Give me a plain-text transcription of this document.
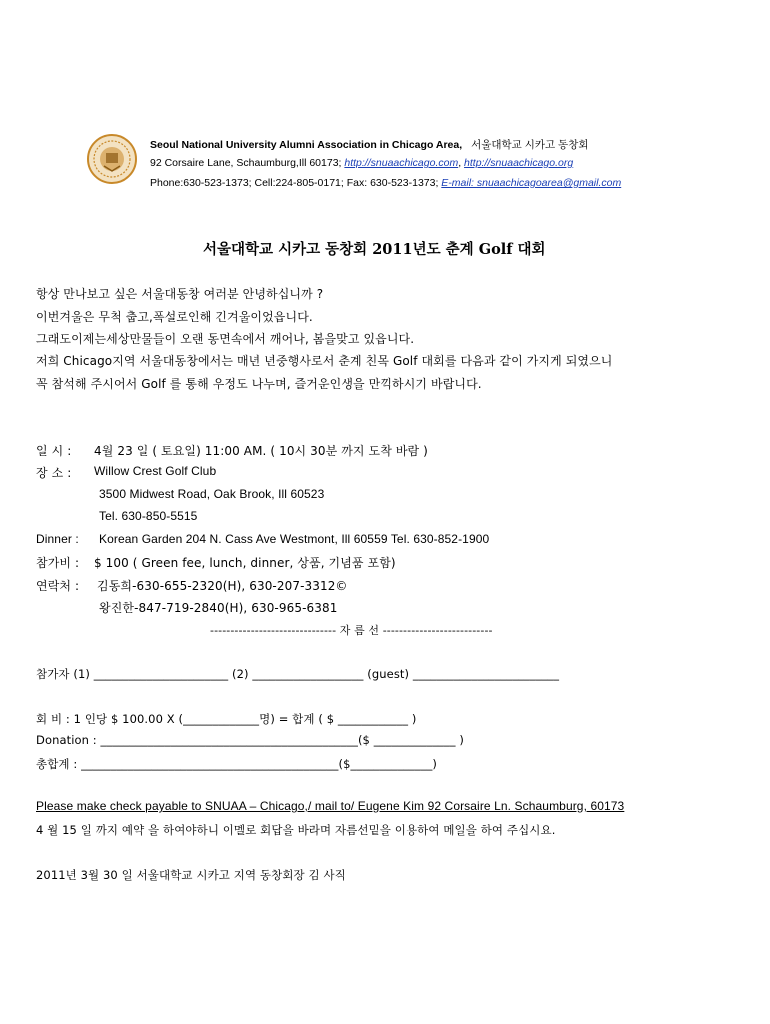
Seoul National University Alumni Association in Chicago Area, 서울대학교 시카고 동창회
92 Corsaire Lane, Schaumburg,Ill 60173; http://snuaachicago.com, http://snuaachicago.org
Phone:630-523-1373; Cell:224-805-0171; Fax: 630-523-1373; E-mail: snuaachicagoarea@gmail.com
서울대학교 시카고 동창회 2011년도 춘계 Golf 대회
항상 만나보고 싶은 서울대동창 여러분 안녕하십니까 ?
이번겨울은 무척 춥고,폭설로인해 긴겨울이었읍니다.
그래도이제는세상만물들이 오랜 동면속에서 깨어나, 봄을맞고 있읍니다.
저희 Chicago지역 서울대동창에서는 매년 년중행사로서 춘계 친목 Golf 대회를 다음과 같이 가지게 되였으니
꼭 참석해 주시어서 Golf 를 통해 우정도 나누며, 즐거운인생을 만끽하시기 바랍니다.
일 시 : 4월 23 일 ( 토요일) 11:00 AM. ( 10시 30분 까지 도착 바람 )
장 소 : Willow Crest Golf Club
3500 Midwest Road, Oak Brook, Ill 60523
Tel. 630-850-5515
Dinner : Korean Garden 204 N. Cass Ave Westmont, Ill 60559 Tel. 630-852-1900
참가비 : $ 100 ( Green fee, lunch, dinner, 상품, 기념품 포함)
연락처 : 김동희-630-655-2320(H), 630-207-3312©
왕진한-847-719-2840(H), 630-965-6381
------------------------------- 자 름 선 ---------------------------
참가자 (1) _______________________ (2) ___________________ (guest) _________________________
회 비 : 1 인당 $ 100.00 X (_____________명) = 합계 ( $ ____________ )
Donation : ____________________________________________($ ______________ )
총합계 : ____________________________________________($______________)
Please make check payable to SNUAA – Chicago,/ mail to/ Eugene Kim 92 Corsaire Ln. Schaumburg, 60173
4 월 15 일 까지 예약 을 하여야하니 이멜로 회답을 바라며 자름선밑을 이용하여 메일을 하여 주십시요.
2011년 3월 30 일 서울대학교 시카고 지역 동창회장 김 사직
